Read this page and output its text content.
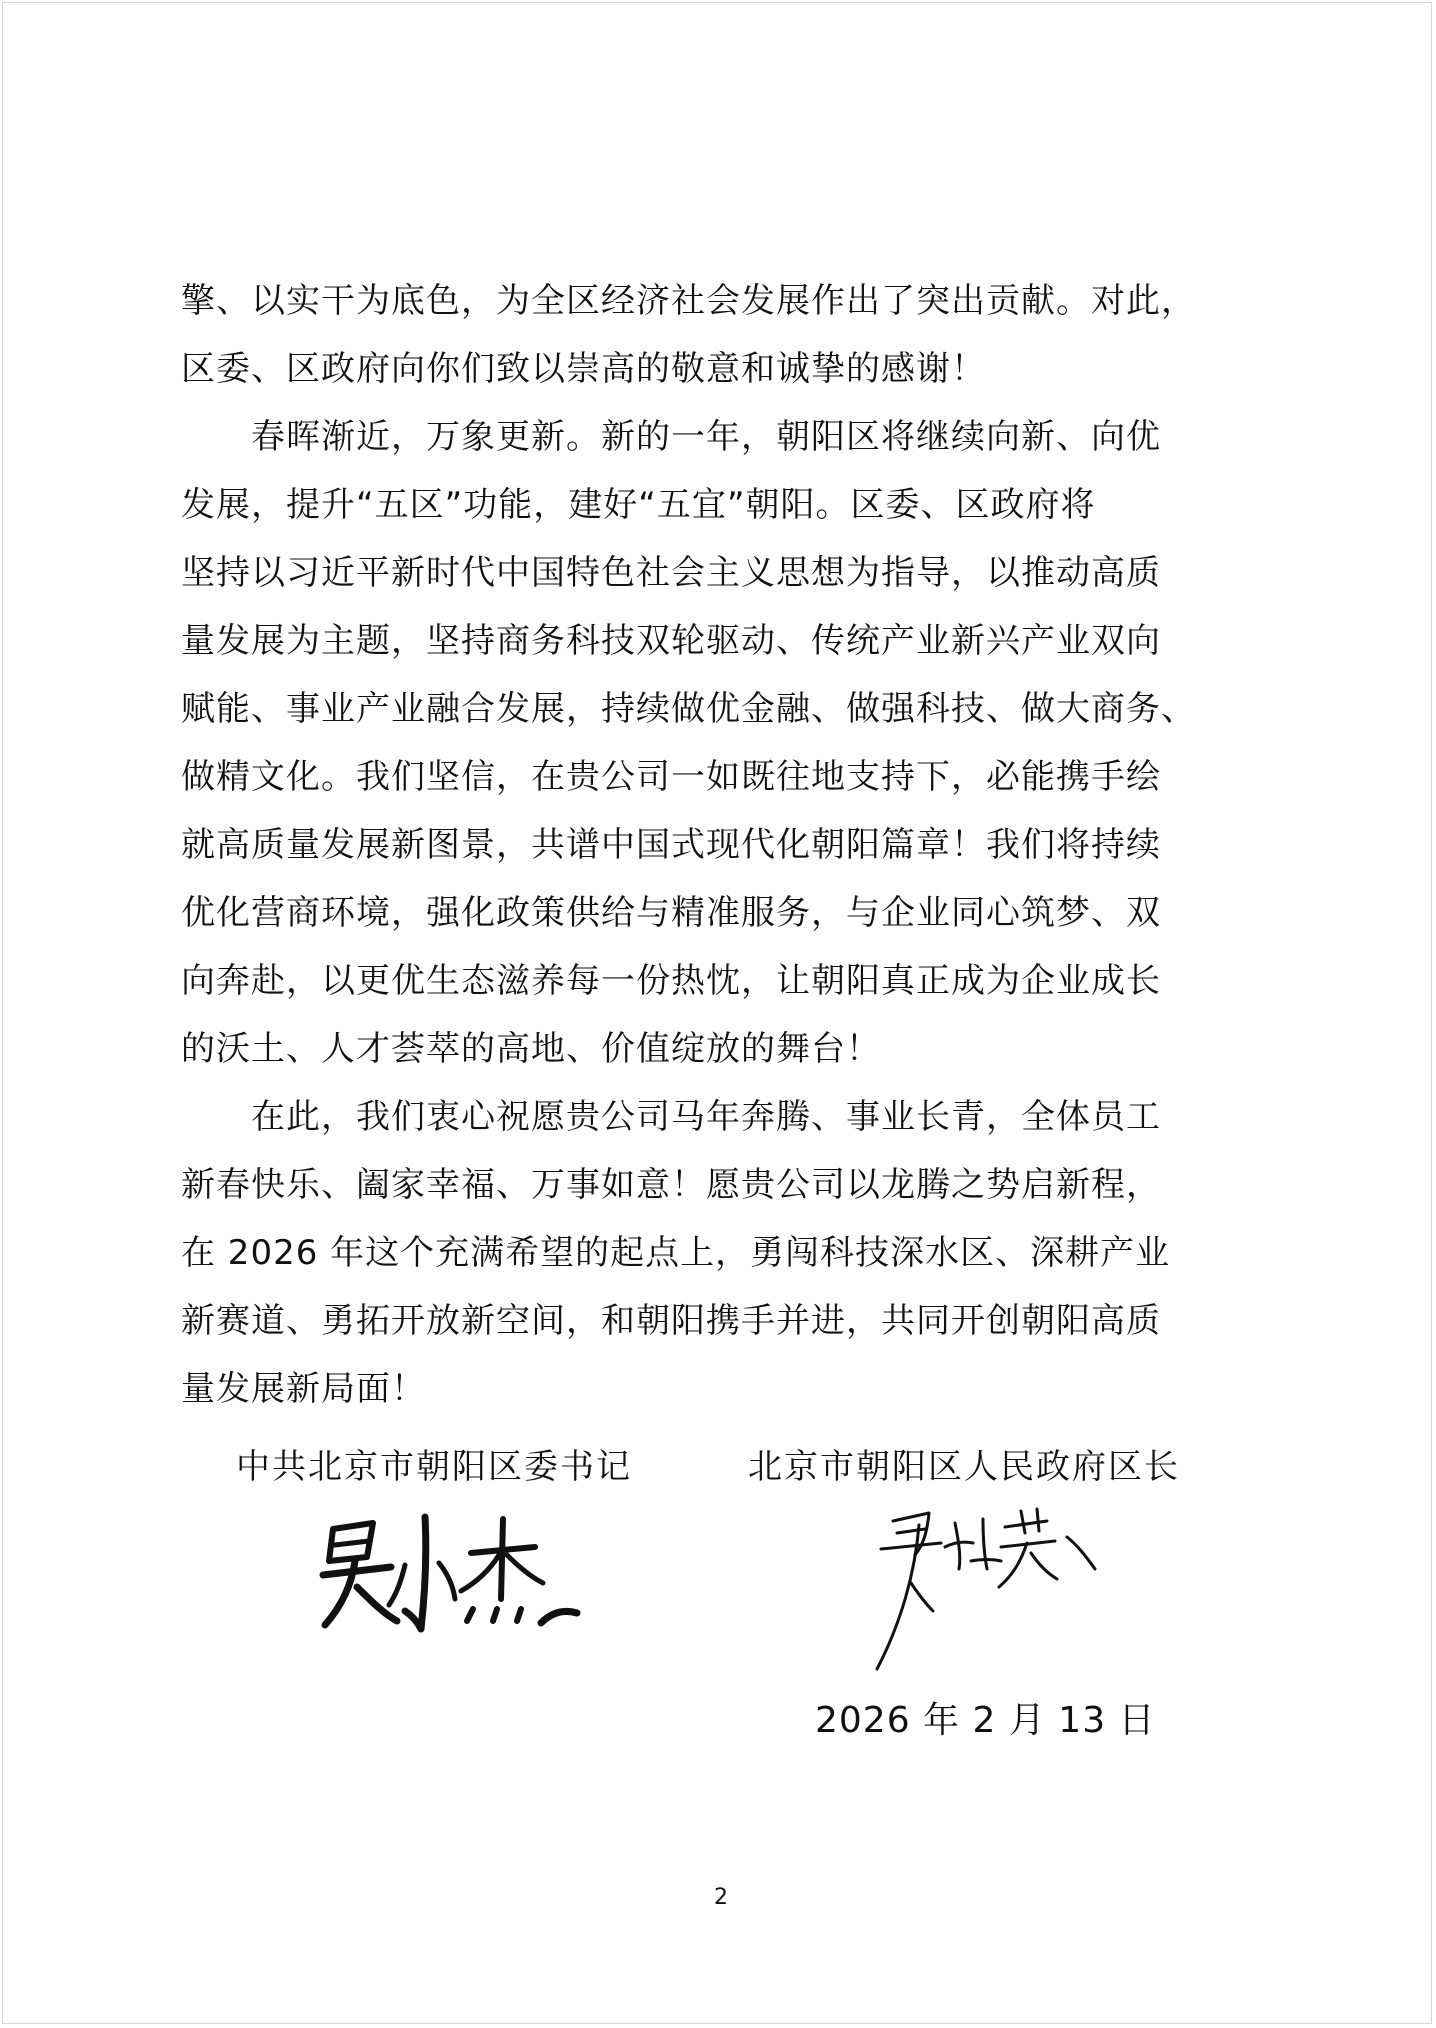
擎、以实干为底色，为全区经济社会发展作出了突出贡献。对此，
区委、区政府向你们致以崇高的敬意和诚挚的感谢！
　　春晖渐近，万象更新。新的一年，朝阳区将继续向新、向优
发展，提升“五区”功能，建好“五宜”朝阳。区委、区政府将
坚持以习近平新时代中国特色社会主义思想为指导，以推动高质
量发展为主题，坚持商务科技双轮驱动、传统产业新兴产业双向
赋能、事业产业融合发展，持续做优金融、做强科技、做大商务、
做精文化。我们坚信，在贵公司一如既往地支持下，必能携手绘
就高质量发展新图景，共谱中国式现代化朝阳篇章！我们将持续
优化营商环境，强化政策供给与精准服务，与企业同心筑梦、双
向奔赴，以更优生态滋养每一份热忱，让朝阳真正成为企业成长
的沃土、人才荟萃的高地、价值绽放的舞台！
　　在此，我们衷心祝愿贵公司马年奔腾、事业长青，全体员工
新春快乐、阖家幸福、万事如意！愿贵公司以龙腾之势启新程，
在 2026 年这个充满希望的起点上，勇闯科技深水区、深耕产业
新赛道、勇拓开放新空间，和朝阳携手并进，共同开创朝阳高质
量发展新局面！
中共北京市朝阳区委书记	北京市朝阳区人民政府区长
2026 年 2 月 13 日
2
